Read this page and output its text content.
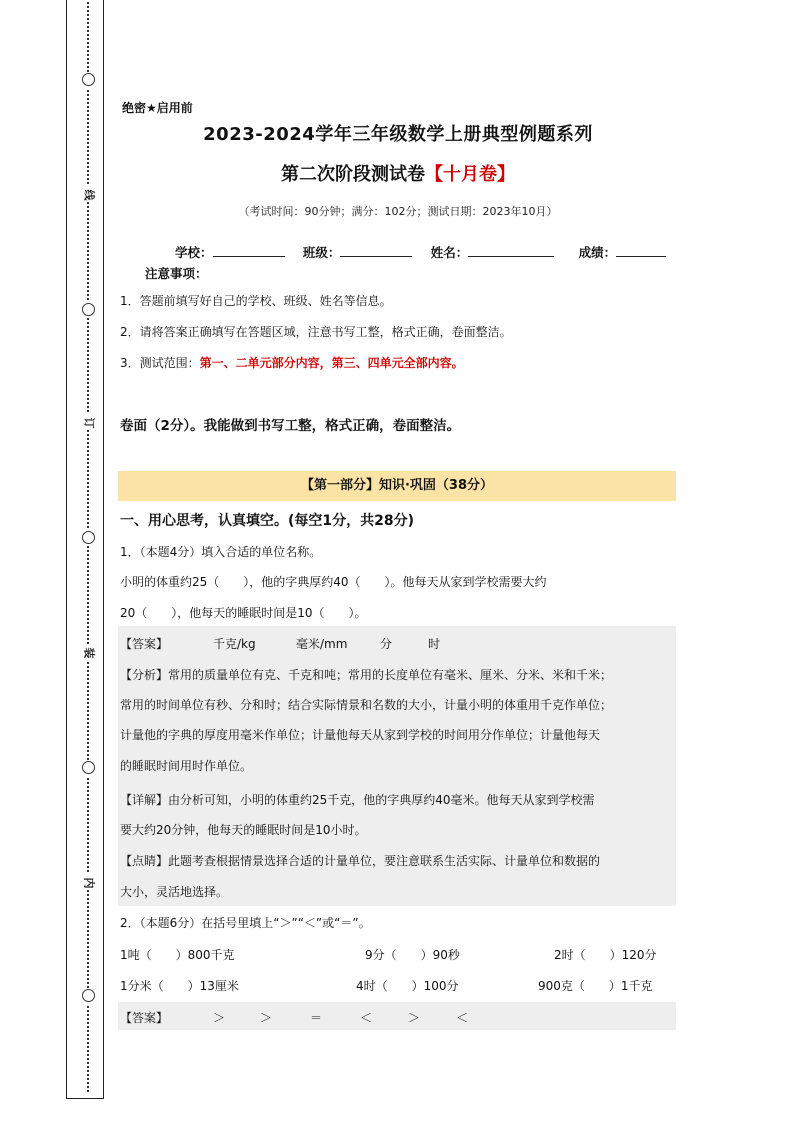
线
订
装
内
绝密★启用前
2023-2024学年三年级数学上册典型例题系列
第二次阶段测试卷【十月卷】
（考试时间：90分钟；满分：102分；测试日期：2023年10月）
学校：	班级：	姓名：	成绩：
注意事项：
1．答题前填写好自己的学校、班级、姓名等信息。
2．请将答案正确填写在答题区域，注意书写工整，格式正确，卷面整洁。
3．测试范围：第一、二单元部分内容，第三、四单元全部内容。
卷面（2分）。我能做到书写工整，格式正确，卷面整洁。
【第一部分】知识·巩固（38分）
一、用心思考，认真填空。(每空1分，共28分)
1．（本题4分）填入合适的单位名称。
小明的体重约25（　　），他的字典厚约40（　　）。他每天从家到学校需要大约
20（　　），他每天的睡眠时间是10（　　）。
【答案】	千克/kg	毫米/mm	分	时
【分析】常用的质量单位有克、千克和吨；常用的长度单位有毫米、厘米、分米、米和千米；
常用的时间单位有秒、分和时；结合实际情景和名数的大小，计量小明的体重用千克作单位；
计量他的字典的厚度用毫米作单位；计量他每天从家到学校的时间用分作单位；计量他每天
的睡眠时间用时作单位。
【详解】由分析可知，小明的体重约25千克，他的字典厚约40毫米。他每天从家到学校需
要大约20分钟，他每天的睡眠时间是10小时。
【点睛】此题考查根据情景选择合适的计量单位，要注意联系生活实际、计量单位和数据的
大小，灵活地选择。
2．（本题6分）在括号里填上“＞”“＜”或“＝”。
1吨（　　）800千克	9分（　　）90秒	2时（　　）120分
1分米（　　）13厘米	4时（　　）100分	900克（　　）1千克
【答案】	＞	＞	＝	＜	＞	＜
